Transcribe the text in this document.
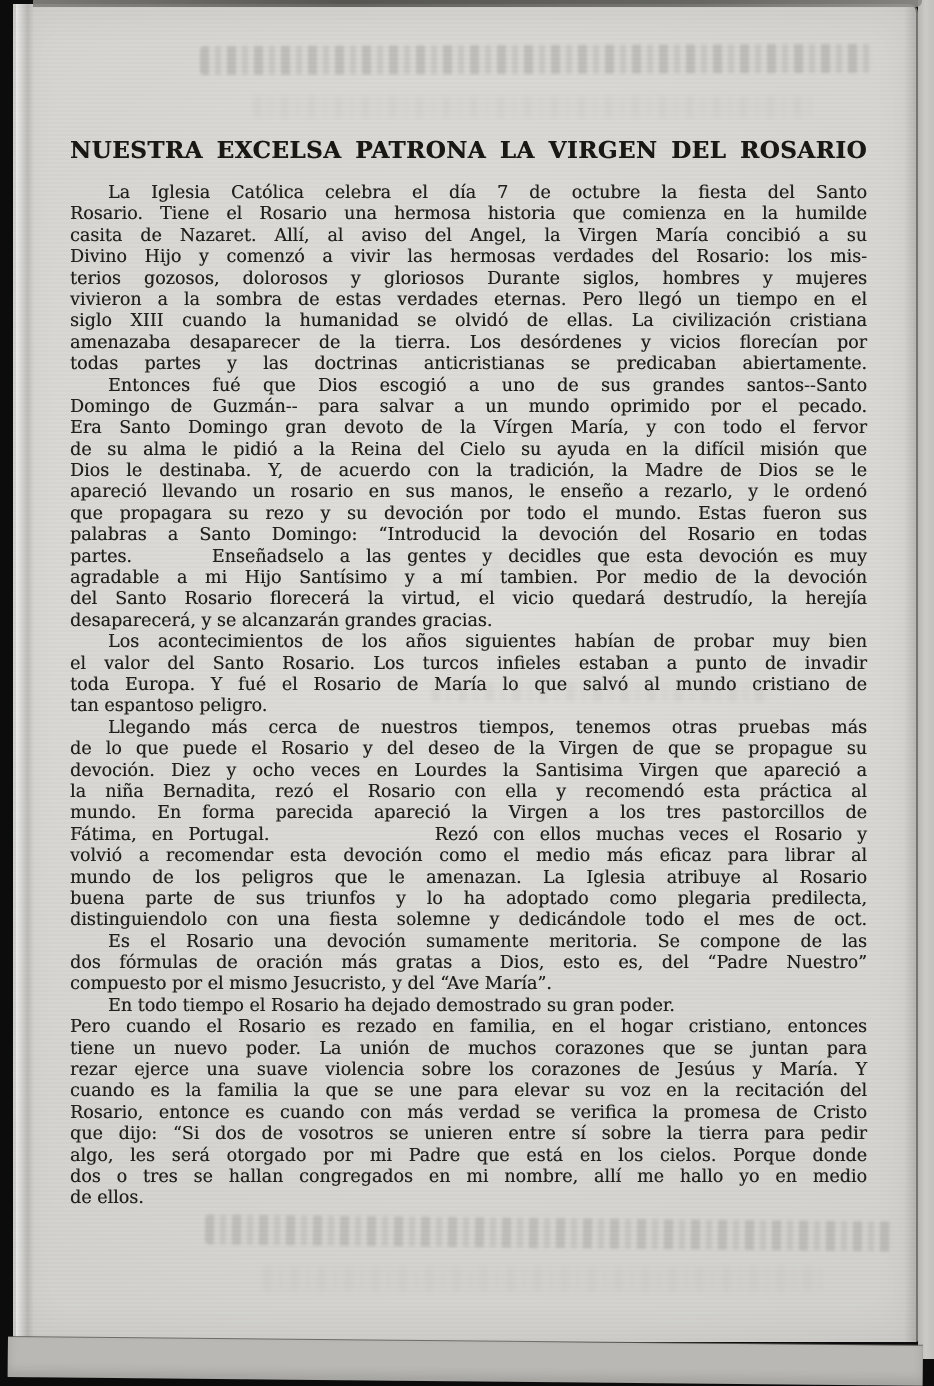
NUESTRA EXCELSA PATRONA LA VIRGEN DEL ROSARIO
La Iglesia Católica celebra el día 7 de octubre la fiesta del Santo
Rosario. Tiene el Rosario una hermosa historia que comienza en la humilde
casita de Nazaret. Allí, al aviso del Angel, la Virgen María concibió a su
Divino Hijo y comenzó a vivir las hermosas verdades del Rosario: los mis-
terios gozosos, dolorosos y gloriosos Durante siglos, hombres y mujeres
vivieron a la sombra de estas verdades eternas. Pero llegó un tiempo en el
siglo XIII cuando la humanidad se olvidó de ellas. La civilización cristiana
amenazaba desaparecer de la tierra. Los desórdenes y vicios florecían por
todas partes y las doctrinas anticristianas se predicaban abiertamente.
Entonces fué que Dios escogió a uno de sus grandes santos--Santo
Domingo de Guzmán-- para salvar a un mundo oprimido por el pecado.
Era Santo Domingo gran devoto de la Vírgen María, y con todo el fervor
de su alma le pidió a la Reina del Cielo su ayuda en la difícil misión que
Dios le destinaba. Y, de acuerdo con la tradición, la Madre de Dios se le
apareció llevando un rosario en sus manos, le enseño a rezarlo, y le ordenó
que propagara su rezo y su devoción por todo el mundo. Estas fueron sus
palabras a Santo Domingo: “Introducid la devoción del Rosario en todas
partes.     Enseñadselo a las gentes y decidles que esta devoción es muy
agradable a mi Hijo Santísimo y a mí tambien. Por medio de la devoción
del Santo Rosario florecerá la virtud, el vicio quedará destrudío, la herejía
desaparecerá, y se alcanzarán grandes gracias.
Los acontecimientos de los años siguientes habían de probar muy bien
el valor del Santo Rosario. Los turcos infieles estaban a punto de invadir
toda Europa. Y fué el Rosario de María lo que salvó al mundo cristiano de
tan espantoso peligro.
Llegando más cerca de nuestros tiempos, tenemos otras pruebas más
de lo que puede el Rosario y del deseo de la Virgen de que se propague su
devoción. Diez y ocho veces en Lourdes la Santisima Virgen que apareció a
la niña Bernadita, rezó el Rosario con ella y recomendó esta práctica al
mundo. En forma parecida apareció la Virgen a los tres pastorcillos de
Fátima, en Portugal.           Rezó con ellos muchas veces el Rosario y
volvió a recomendar esta devoción como el medio más eficaz para librar al
mundo de los peligros que le amenazan. La Iglesia atribuye al Rosario
buena parte de sus triunfos y lo ha adoptado como plegaria predilecta,
distinguiendolo con una fiesta solemne y dedicándole todo el mes de oct.
Es el Rosario una devoción sumamente meritoria. Se compone de las
dos fórmulas de oración más gratas a Dios, esto es, del “Padre Nuestro”
compuesto por el mismo Jesucristo, y del “Ave María”.
En todo tiempo el Rosario ha dejado demostrado su gran poder.
Pero cuando el Rosario es rezado en familia, en el hogar cristiano, entonces
tiene un nuevo poder. La unión de muchos corazones que se juntan para
rezar ejerce una suave violencia sobre los corazones de Jesúus y María. Y
cuando es la familia la que se une para elevar su voz en la recitación del
Rosario, entonce es cuando con más verdad se verifica la promesa de Cristo
que dijo: “Si dos de vosotros se unieren entre sí sobre la tierra para pedir
algo, les será otorgado por mi Padre que está en los cielos. Porque donde
dos o tres se hallan congregados en mi nombre, allí me hallo yo en medio
de ellos.
